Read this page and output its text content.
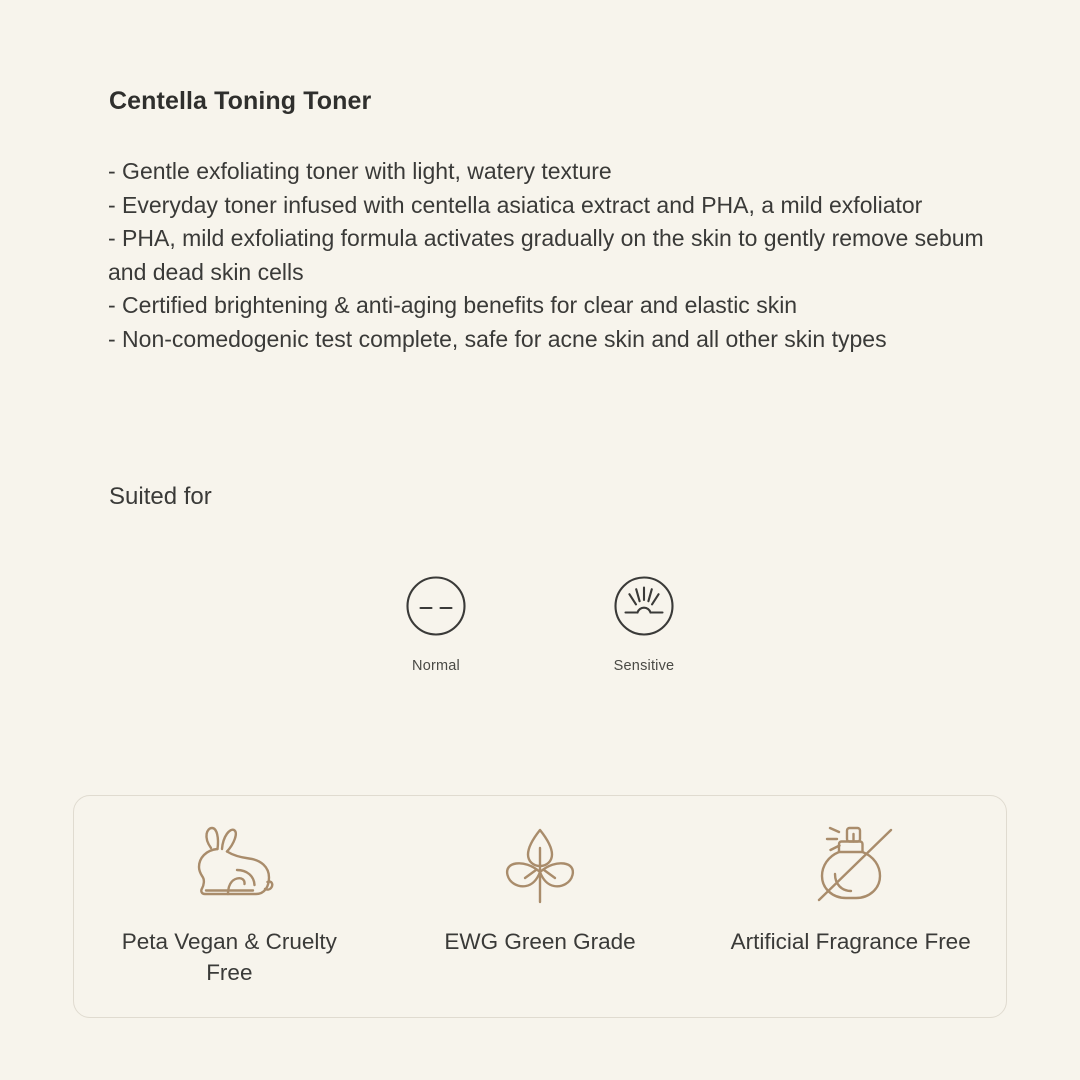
Centella Toning Toner

- Gentle exfoliating toner with light, watery texture

- Everyday toner infused with centella asiatica extract and PHA, a mild exfoliator

- PHA, mild exfoliating formula activates gradually on the skin to gently remove sebum and dead skin cells

- Certified brightening & anti-aging benefits for clear and elastic skin

- Non-comedogenic test complete, safe for acne skin and all other skin types

Suited for
Normal	Sensitive
Peta Vegan & Cruelty Free
EWG Green Grade	Artificial Fragrance Free
